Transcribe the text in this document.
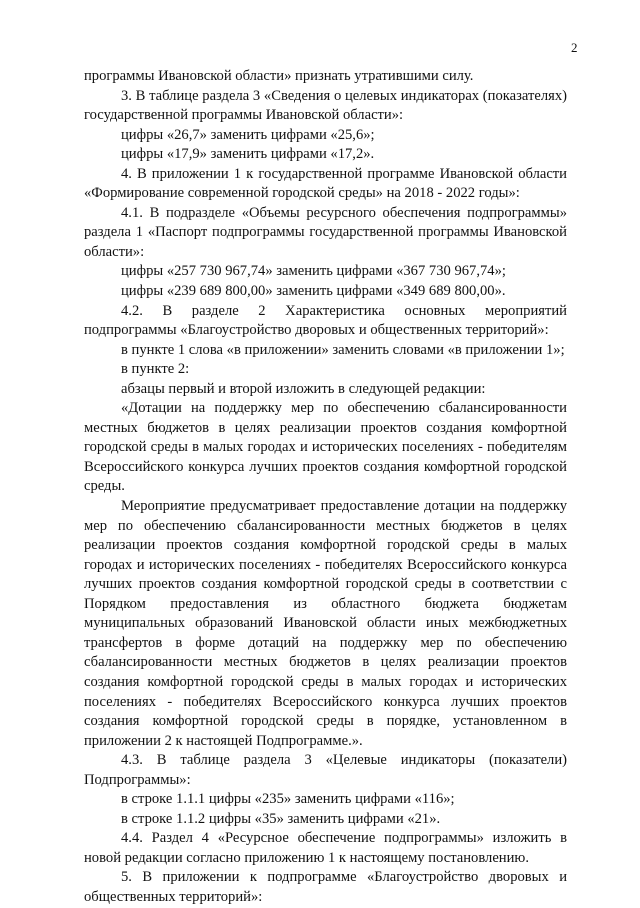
2

программы Ивановской области» признать утратившими силу.

3. В таблице раздела 3 «Сведения о целевых индикаторах (показателях) государственной программы Ивановской области»:

цифры «26,7» заменить цифрами «25,6»;

цифры «17,9» заменить цифрами «17,2».

4. В приложении 1 к государственной программе Ивановской области «Формирование современной городской среды» на 2018 - 2022 годы»:

4.1. В подразделе «Объемы ресурсного обеспечения подпрограммы» раздела 1 «Паспорт подпрограммы государственной программы Ивановской области»:

цифры «257 730 967,74» заменить цифрами «367 730 967,74»;

цифры «239 689 800,00» заменить цифрами «349 689 800,00».

4.2. В разделе 2 Характеристика основных мероприятий подпрограммы «Благоустройство дворовых и общественных территорий»:

в пункте 1 слова «в приложении» заменить словами «в приложении 1»;

в пункте 2:

абзацы первый и второй изложить в следующей редакции:

«Дотации на поддержку мер по обеспечению сбалансированности местных бюджетов в целях реализации проектов создания комфортной городской среды в малых городах и исторических поселениях - победителям Всероссийского конкурса лучших проектов создания комфортной городской среды.

Мероприятие предусматривает предоставление дотации на поддержку мер по обеспечению сбалансированности местных бюджетов в целях реализации проектов создания комфортной городской среды в малых городах и исторических поселениях - победителях Всероссийского конкурса лучших проектов создания комфортной городской среды в соответствии с Порядком предоставления из областного бюджета бюджетам муниципальных образований Ивановской области иных межбюджетных трансфертов в форме дотаций на поддержку мер по обеспечению сбалансированности местных бюджетов в целях реализации проектов создания комфортной городской среды в малых городах и исторических поселениях - победителях Всероссийского конкурса лучших проектов создания комфортной городской среды в порядке, установленном в приложении 2 к настоящей Подпрограмме.».

4.3. В таблице раздела 3 «Целевые индикаторы (показатели) Подпрограммы»:

в строке 1.1.1 цифры «235» заменить цифрами «116»;

в строке 1.1.2 цифры «35» заменить цифрами «21».

4.4. Раздел 4 «Ресурсное обеспечение подпрограммы» изложить в новой редакции согласно приложению 1 к настоящему постановлению.

5. В приложении к подпрограмме «Благоустройство дворовых и общественных территорий»:
